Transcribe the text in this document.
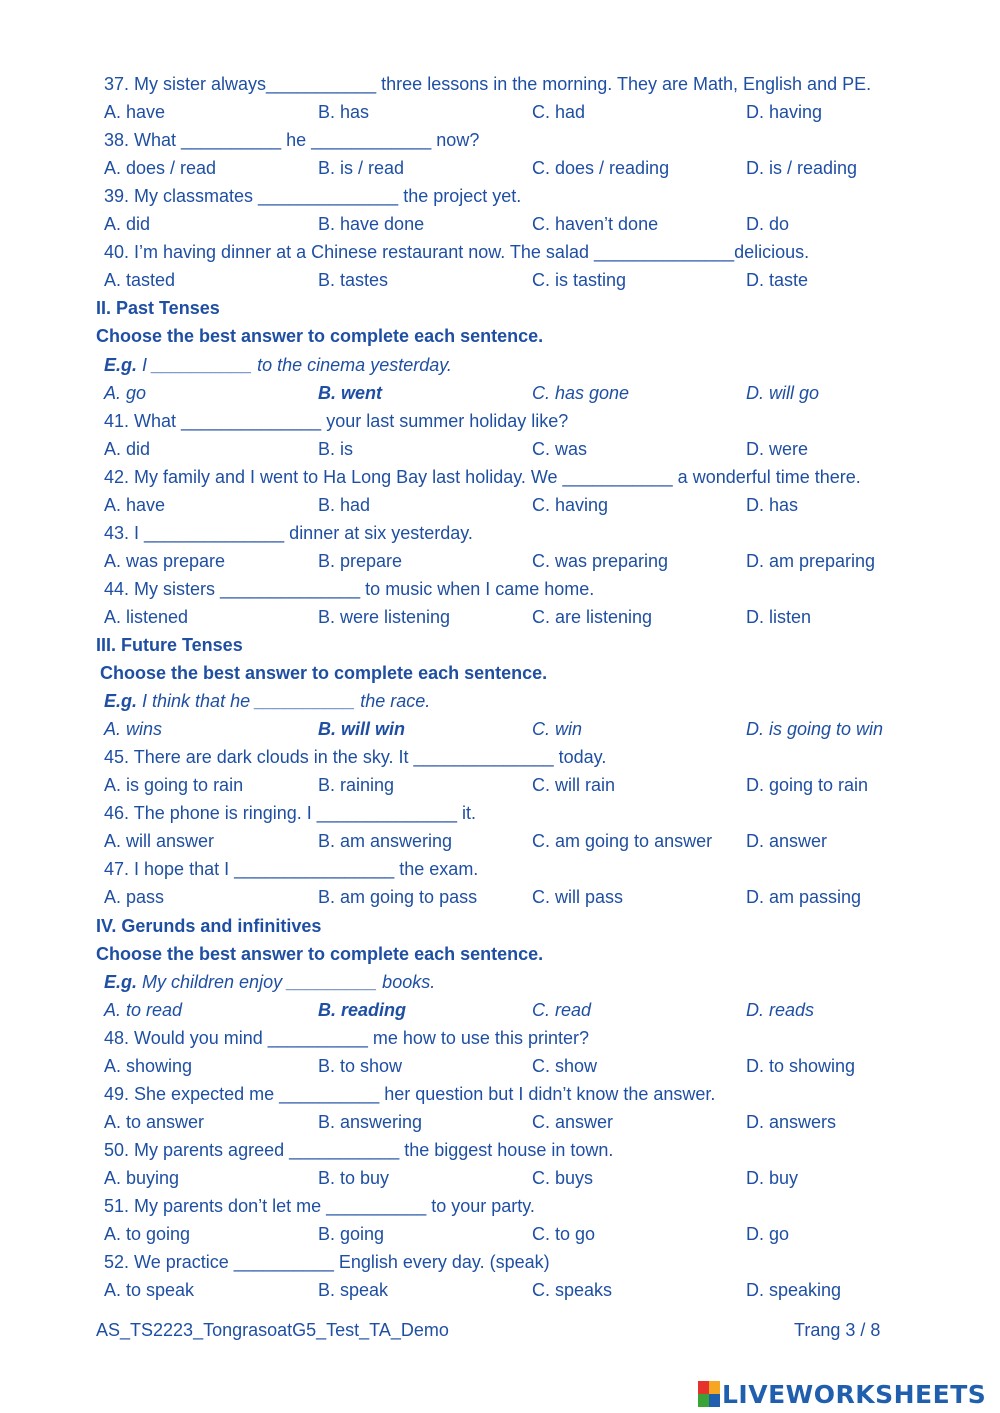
37. My sister always___________ three lessons in the morning. They are Math, English and PE.
A. have	B. has	C. had	D. having
38. What __________ he ____________ now?
A. does / read	B. is / read	C. does / reading	D. is / reading
39. My classmates ______________ the project yet.
A. did	B. have done	C. haven’t done	D. do
40. I’m having dinner at a Chinese restaurant now. The salad ______________delicious.
A. tasted	B. tastes	C. is tasting	D. taste
II. Past Tenses
Choose the best answer to complete each sentence.
E.g. I __________ to the cinema yesterday.
A. go	B. went	C. has gone	D. will go
41. What ______________ your last summer holiday like?
A. did	B. is	C. was	D. were
42. My family and I went to Ha Long Bay last holiday. We ___________ a wonderful time there.
A. have	B. had	C. having	D. has
43. I ______________ dinner at six yesterday.
A. was prepare	B. prepare	C. was preparing	D. am preparing
44. My sisters ______________ to music when I came home.
A. listened	B. were listening	C. are listening	D. listen
III. Future Tenses
Choose the best answer to complete each sentence.
E.g. I think that he __________ the race.
A. wins	B. will win	C. win	D. is going to win
45. There are dark clouds in the sky. It ______________ today.
A. is going to rain	B. raining	C. will rain	D. going to rain
46. The phone is ringing. I ______________ it.
A. will answer	B. am answering	C. am going to answer D. answer
47. I hope that I ________________ the exam.
A. pass	B. am going to pass	C. will pass	D. am passing
IV. Gerunds and infinitives
Choose the best answer to complete each sentence.
E.g. My children enjoy _________ books.
A. to read	B. reading	C. read	D. reads
48. Would you mind __________ me how to use this printer?
A. showing	B. to show	C. show	D. to showing
49. She expected me __________ her question but I didn’t know the answer.
A. to answer	B. answering	C. answer	D. answers
50. My parents agreed ___________ the biggest house in town.
A. buying	B. to buy	C. buys	D. buy
51. My parents don’t let me __________ to your party.
A. to going	B. going	C. to go	D. go
52. We practice __________ English every day. (speak)
A. to speak	B. speak	C. speaks	D. speaking
AS_TS2223_TongrasoatG5_Test_TA_Demo	Trang 3 / 8
LIVEWORKSHEETS
